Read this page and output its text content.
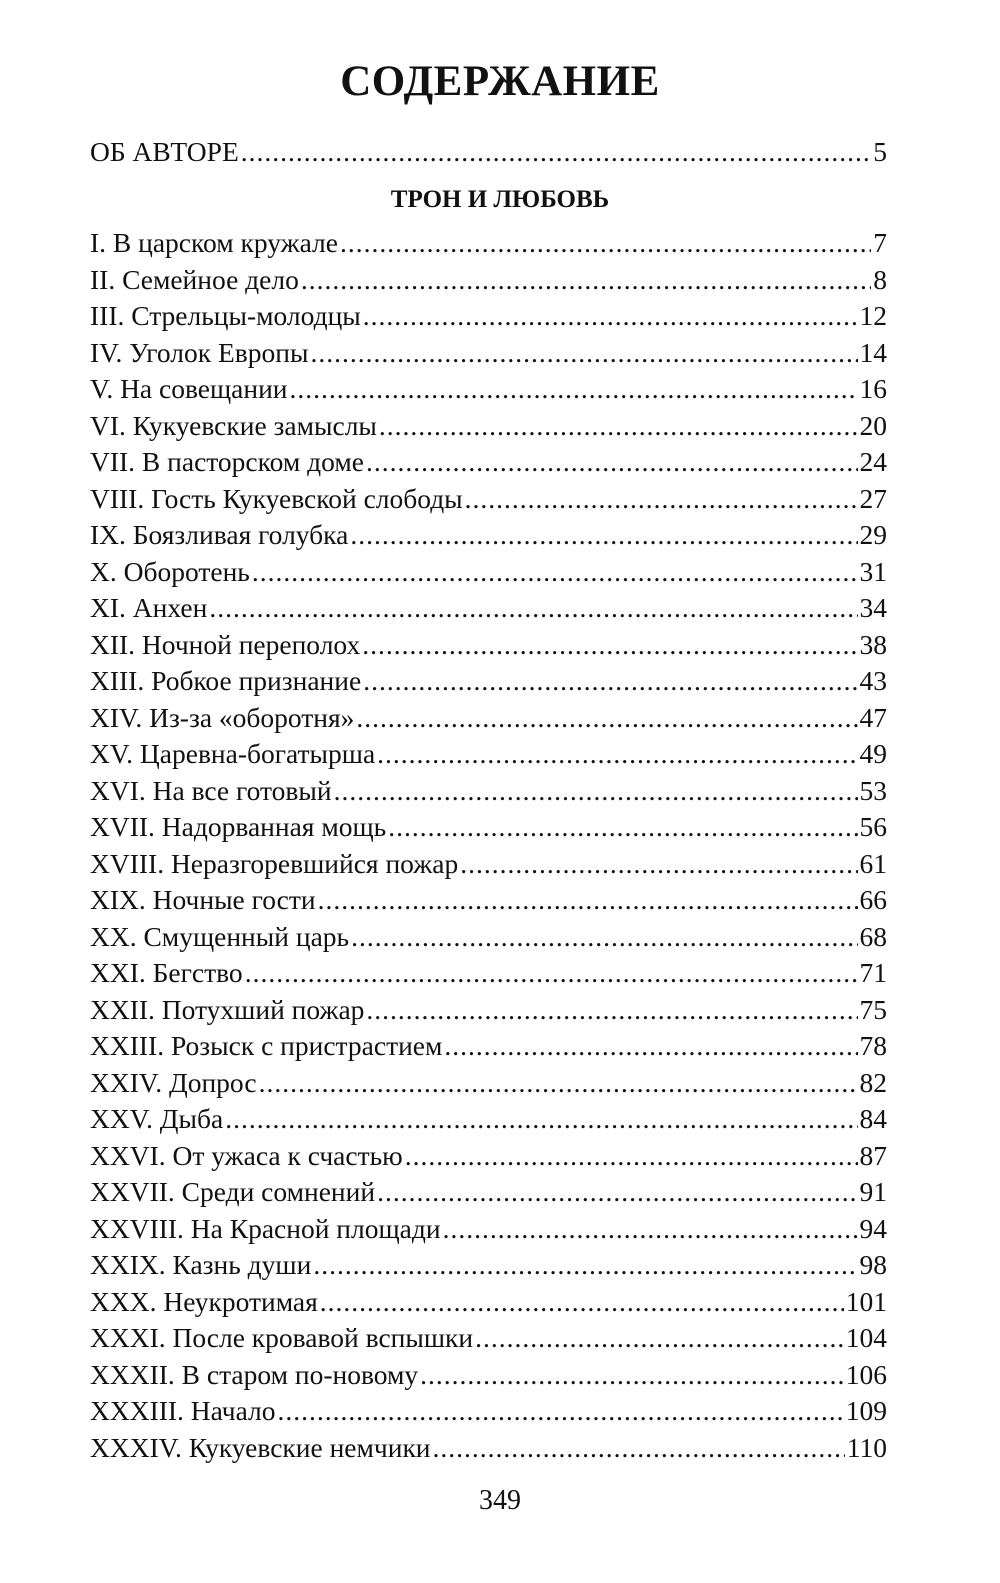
СОДЕРЖАНИЕ
ОБ АВТОРЕ .....	5
ТРОН И ЛЮБОВЬ
I. В царском кружале .....	7
II. Семейное дело .....	8
III. Стрельцы-молодцы .....	12
IV. Уголок Европы .....	14
V. На совещании .....	16
VI. Кукуевские замыслы .....	20
VII. В пасторском доме .....	24
VIII. Гость Кукуевской слободы .....	27
IX. Боязливая голубка .....	29
X. Оборотень .....	31
XI. Анхен .....	34
XII. Ночной переполох .....	38
XIII. Робкое признание .....	43
XIV. Из-за «оборотня» .....	47
XV. Царевна-богатырша .....	49
XVI. На все готовый .....	53
XVII. Надорванная мощь .....	56
XVIII. Неразгоревшийся пожар .....	61
XIX. Ночные гости .....	66
XX. Смущенный царь .....	68
XXI. Бегство .....	71
XXII. Потухший пожар .....	75
XXIII. Розыск с пристрастием .....	78
XXIV. Допрос .....	82
XXV. Дыба .....	84
XXVI. От ужаса к счастью .....	87
XXVII. Среди сомнений .....	91
XXVIII. На Красной площади .....	94
XXIX. Казнь души .....	98
XXX. Неукротимая .....	101
XXXI. После кровавой вспышки .....	104
XXXII. В старом по-новому .....	106
XXXIII. Начало .....	109
XXXIV. Кукуевские немчики .....	110
349
